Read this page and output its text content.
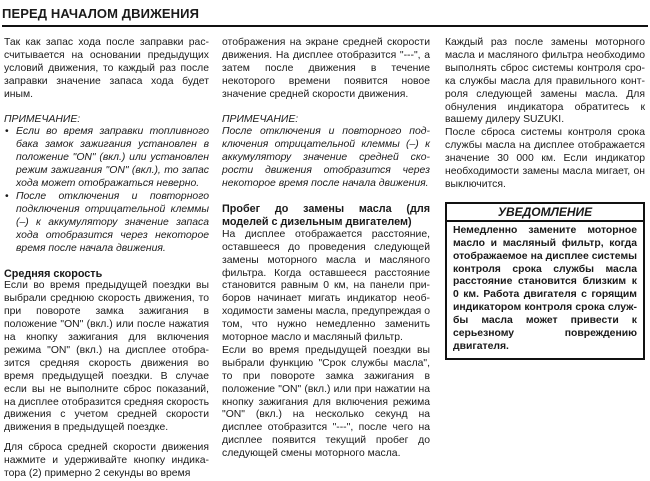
ПЕРЕД НАЧАЛОМ ДВИЖЕНИЯ

Так как запас хода после заправки рассчитывается на основании предыдущих условий движения, то каждый раз после заправки значение запаса хода будет иным.

ПРИМЕЧАНИЕ:

• Если во время заправки топливного бака замок зажигания установлен в положение "ON" (вкл.) или установлен режим зажигания "ON" (вкл.), то запас хода может отображаться неверно.
• После отключения и повторного подключения отрицательной клеммы (–) к аккумулятору значение запаса хода отобразится через некоторое время после начала движения.

Средняя скорость

Если во время предыдущей поездки вы выбрали среднюю скорость движения, то при повороте замка зажигания в положение "ON" (вкл.) или после нажатия на кнопку зажигания для включения режима "ON" (вкл.) на дисплее отобразится средняя скорость движения во время предыдущей поездки. В случае если вы не выполните сброс показаний, на дисплее отобразится средняя скорость движения с учетом средней скорости движения в предыдущей поездке.

Для сброса средней скорости движения нажмите и удерживайте кнопку индикатора (2) примерно 2 секунды во время

отображения на экране средней скорости движения. На дисплее отобразится "---", а затем после движения в течение некоторого времени появится новое значение средней скорости движения.

ПРИМЕЧАНИЕ:

После отключения и повторного подключения отрицательной клеммы (–) к аккумулятору значение средней скорости движения отобразится через некоторое время после начала движения.

Пробег до замены масла (для моделей с дизельным двигателем)

На дисплее отображается расстояние, оставшееся до проведения следующей замены моторного масла и масляного фильтра. Когда оставшееся расстояние становится равным 0 км, на панели приборов начинает мигать индикатор необходимости замены масла, предупреждая о том, что нужно немедленно заменить моторное масло и масляный фильтр.

Если во время предыдущей поездки вы выбрали функцию "Срок службы масла", то при повороте замка зажигания в положение "ON" (вкл.) или при нажатии на кнопку зажигания для включения режима "ON" (вкл.) на несколько секунд на дисплее отобразится "---", после чего на дисплее появится текущий пробег до следующей смены моторного масла.

Каждый раз после замены моторного масла и масляного фильтра необходимо выполнять сброс системы контроля срока службы масла для правильного контроля следующей замены масла. Для обнуления индикатора обратитесь к вашему дилеру SUZUKI.

После сброса системы контроля срока службы масла на дисплее отображается значение 30 000 км. Если индикатор необходимости замены масла мигает, он выключится.

УВЕДОМЛЕНИЕ
Немедленно замените моторное масло и масляный фильтр, когда отображаемое на дисплее системы контроля срока службы масла расстояние становится близким к 0 км. Работа двигателя с горящим индикатором контроля срока службы масла может привести к серьезному повреждению двигателя.
